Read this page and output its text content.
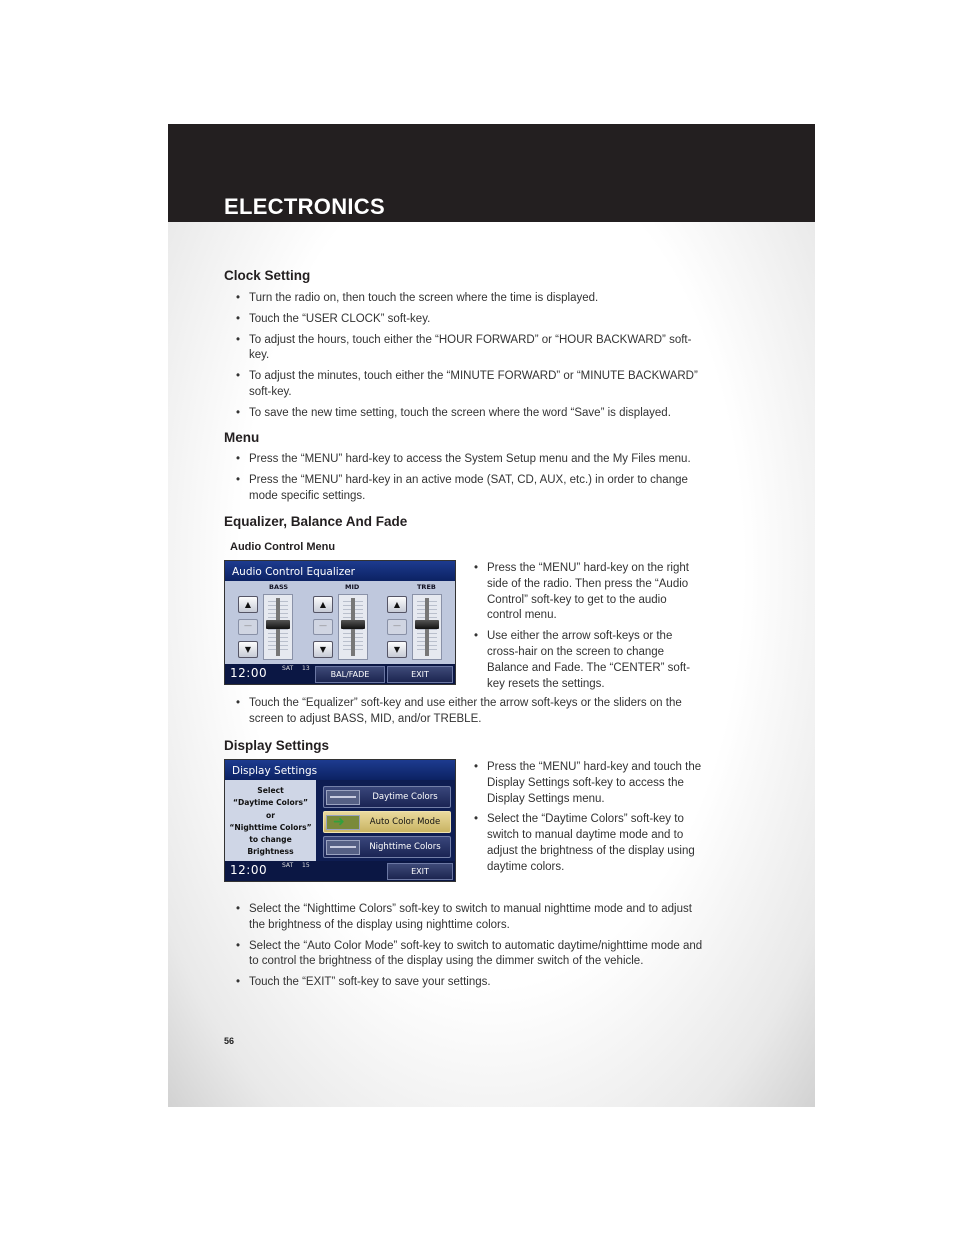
ELECTRONICS
Clock Setting
• Turn the radio on, then touch the screen where the time is displayed.
• Touch the “USER CLOCK” soft-key.
• To adjust the hours, touch either the “HOUR FORWARD” or “HOUR BACKWARD” soft-key.
• To adjust the minutes, touch either the “MINUTE FORWARD” or “MINUTE BACKWARD” soft-key.
• To save the new time setting, touch the screen where the word “Save” is displayed.
Menu
• Press the “MENU” hard-key to access the System Setup menu and the My Files menu.
• Press the “MENU” hard-key in an active mode (SAT, CD, AUX, etc.) in order to change mode specific settings.
Equalizer, Balance And Fade
Audio Control Menu
Audio Control Equalizer
BASS
▲
—
▼
MID
▲
—
▼
TREB
▲
—
▼
12:00 SAT 13
BAL/FADE	EXIT
• Press the “MENU” hard-key on the right side of the radio. Then press the “Audio Control” soft-key to get to the audio control menu.
• Use either the arrow soft-keys or the cross-hair on the screen to change Balance and Fade. The “CENTER” soft-key resets the settings.
• Touch the “Equalizer” soft-key and use either the arrow soft-keys or the sliders on the screen to adjust BASS, MID, and/or TREBLE.
Display Settings
Display Settings
Select
“Daytime Colors”
or
“Nighttime Colors”
to change
Brightness
Daytime Colors
➜	Auto Color Mode
Nighttime Colors
12:00 SAT 15
EXIT
• Press the “MENU” hard-key and touch the Display Settings soft-key to access the Display Settings menu.
• Select the “Daytime Colors” soft-key to switch to manual daytime mode and to adjust the brightness of the display using daytime colors.
• Select the “Nighttime Colors” soft-key to switch to manual nighttime mode and to adjust the brightness of the display using nighttime colors.
• Select the “Auto Color Mode” soft-key to switch to automatic daytime/nighttime mode and to control the brightness of the display using the dimmer switch of the vehicle.
• Touch the “EXIT” soft-key to save your settings.
56
